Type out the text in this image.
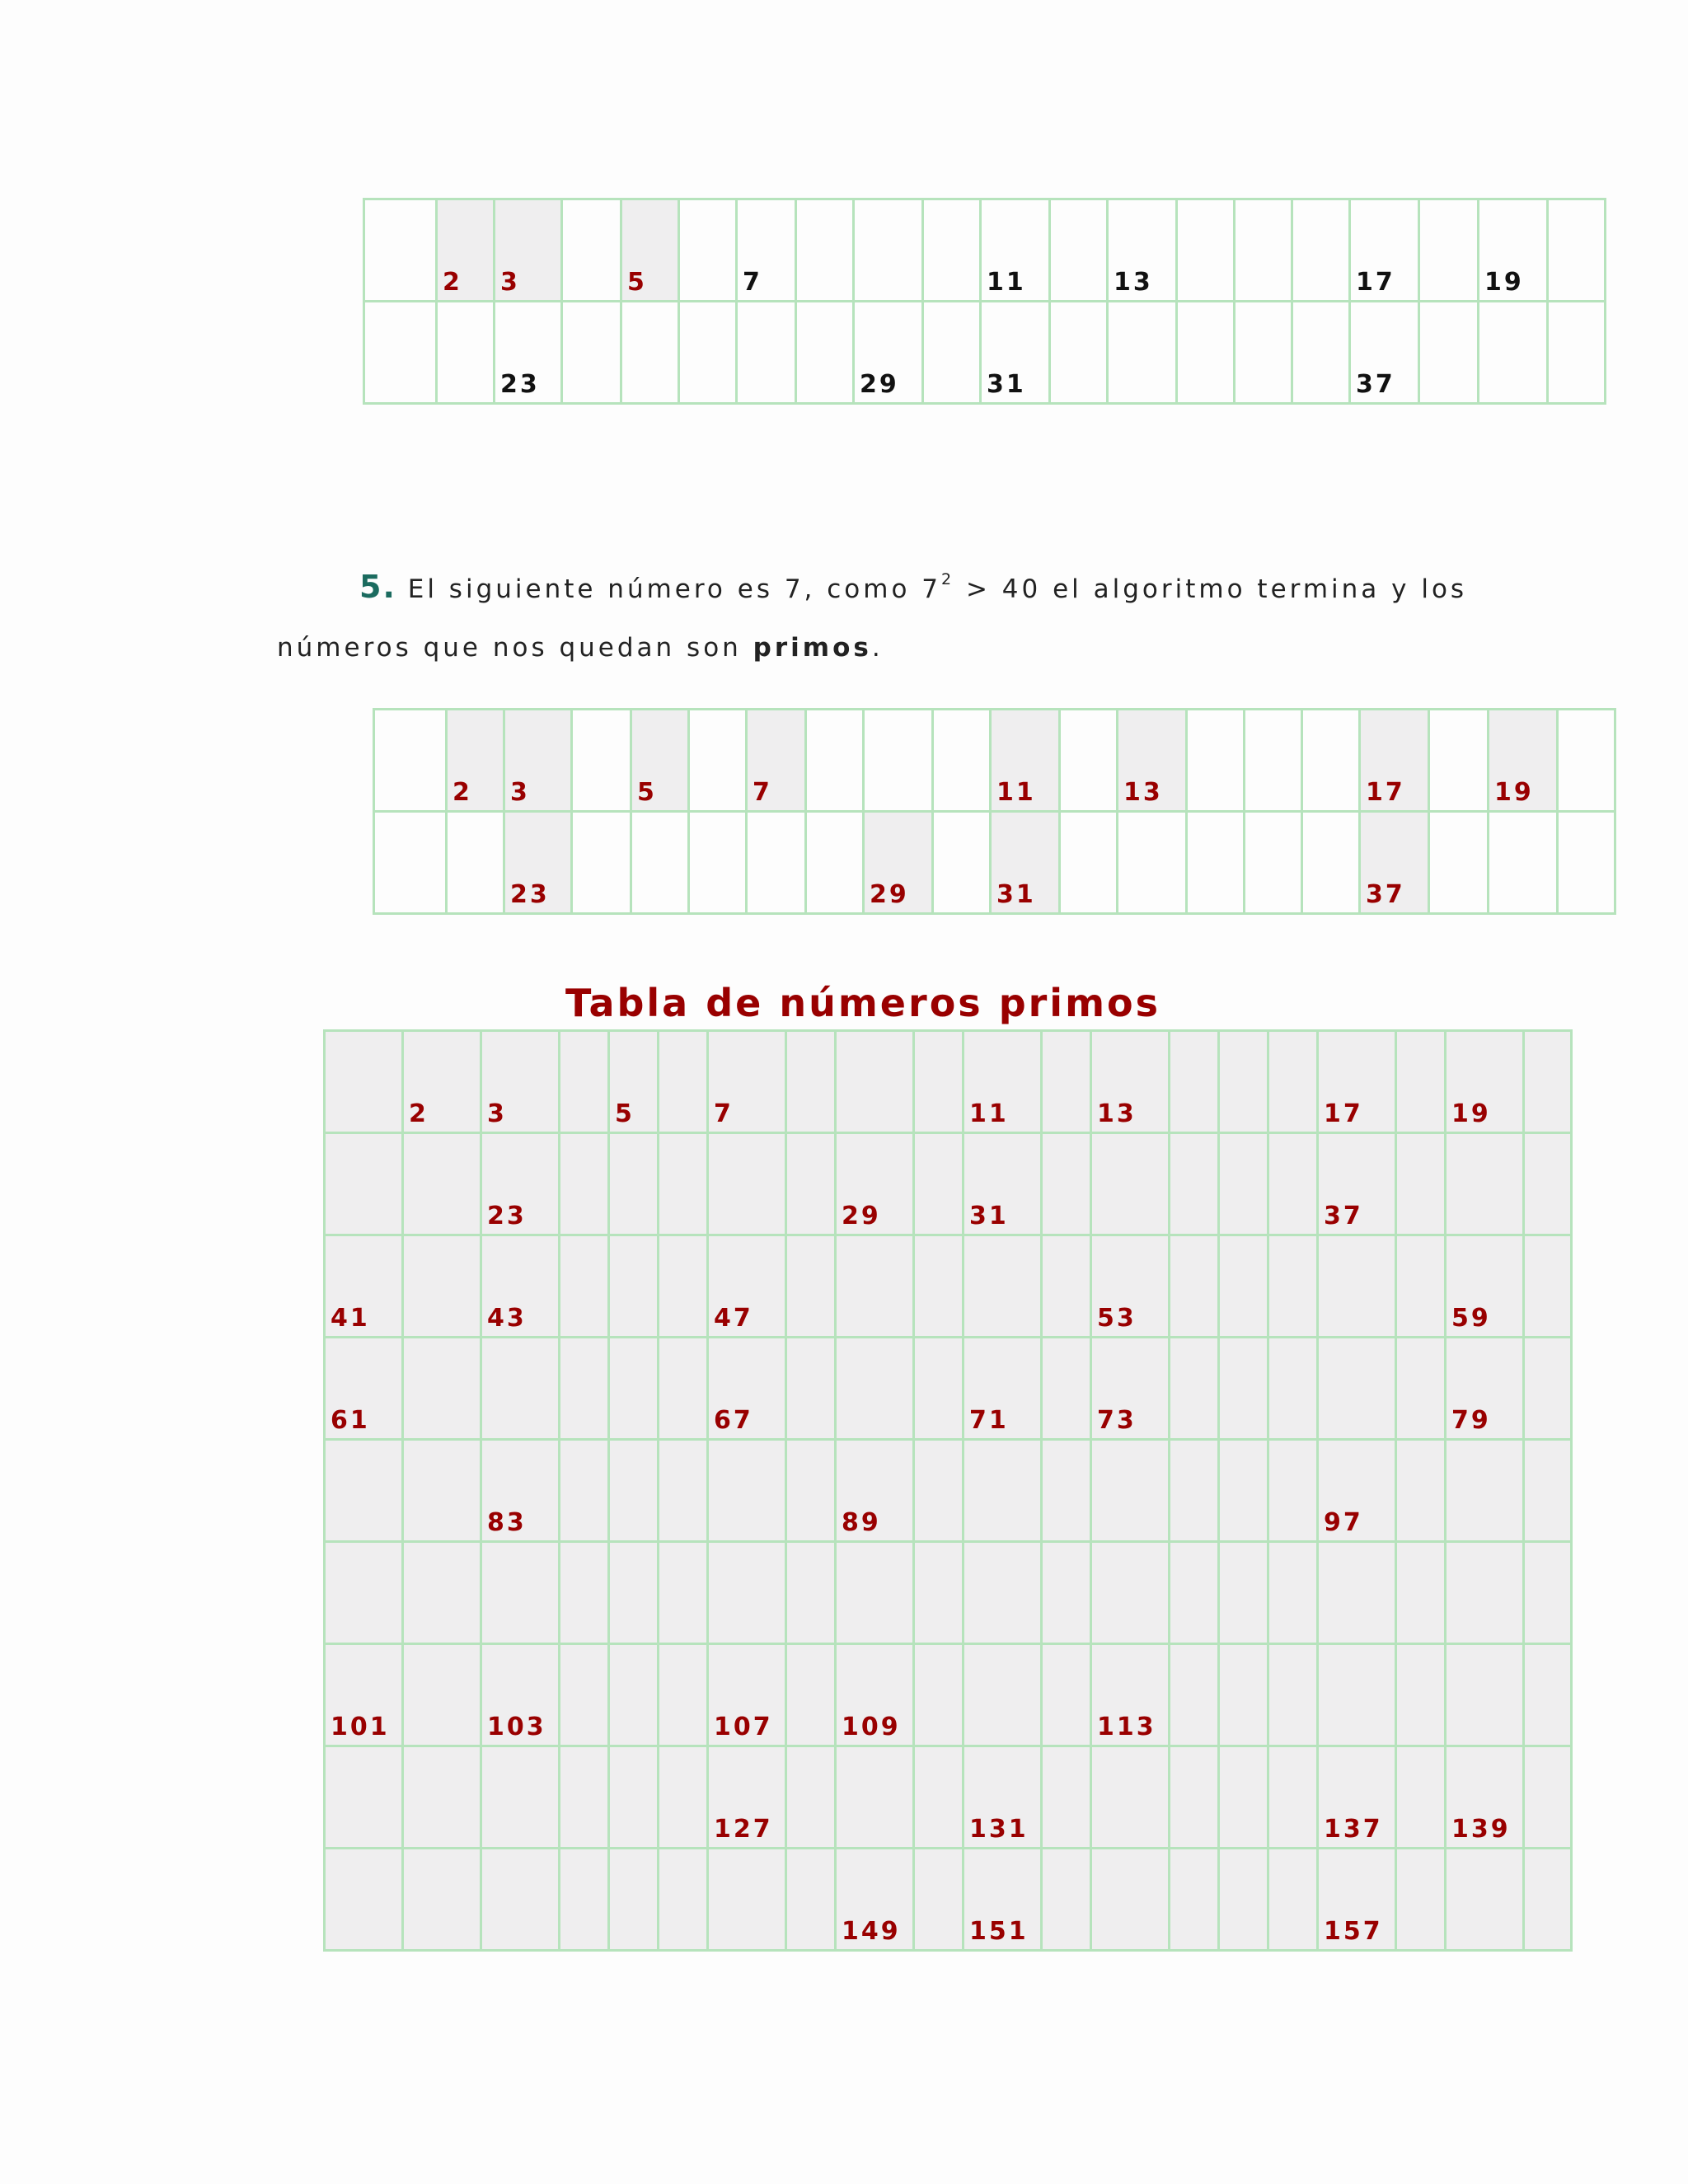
	2	3		5		7				11		13				17		19	
		23						29		31						37			
5. El siguiente número es 7, como $7^2 > 40$ el algoritmo termina y los
números que nos quedan son primos.
	2	3		5		7				11		13				17		19	
		23						29		31						37			
Tabla de números primos
	2	3		5		7				11		13				17		19	
		23						29		31						37			
41		43				47						53						59	
61						67				71		73						79	
		83						89								97			

101		103				107		109				113							
						127				131						137		139	
								149		151						157			
